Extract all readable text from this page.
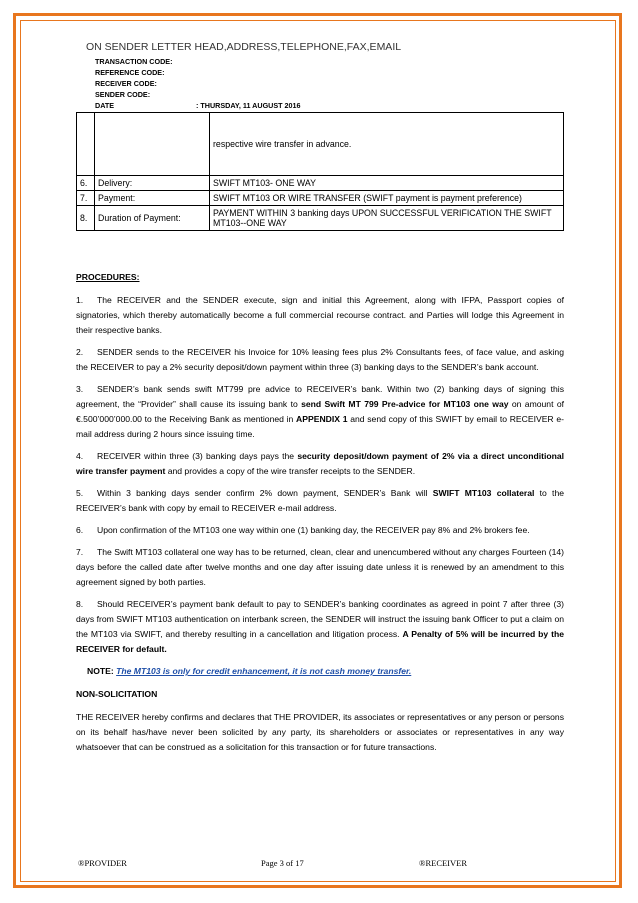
ON SENDER LETTER HEAD,ADDRESS,TELEPHONE,FAX,EMAIL
TRANSACTION CODE:
REFERENCE CODE:
RECEIVER CODE:
SENDER CODE:
DATE	: THURSDAY, 11 AUGUST 2016
		respective wire transfer in advance.
6.	Delivery:	SWIFT MT103- ONE WAY
7.	Payment:	SWIFT MT103 OR WIRE TRANSFER (SWIFT payment is payment preference)
8.	Duration of Payment:	PAYMENT WITHIN 3 banking days UPON SUCCESSFUL VERIFICATION THE SWIFT MT103--ONE WAY
PROCEDURES:

1. The RECEIVER and the SENDER execute, sign and initial this Agreement, along with IFPA, Passport copies of signatories, which thereby automatically become a full commercial recourse contract. and Parties will lodge this Agreement in their respective banks.

2. SENDER sends to the RECEIVER his Invoice for 10% leasing fees plus 2% Consultants fees, of face value, and asking the RECEIVER to pay a 2% security deposit/down payment within three (3) banking days to the SENDER’s bank account.

3. SENDER’s bank sends swift MT799 pre advice to RECEIVER’s bank. Within two (2) banking days of signing this agreement, the “Provider” shall cause its issuing bank to send Swift MT 799 Pre-advice for MT103 one way on amount of €.500’000’000.00 to the Receiving Bank as mentioned in APPENDIX 1 and send copy of this SWIFT by email to RECEIVER e-mail address during 2 hours since issuing time.

4. RECEIVER within three (3) banking days pays the security deposit/down payment of 2% via a direct unconditional wire transfer payment and provides a copy of the wire transfer receipts to the SENDER.

5. Within 3 banking days sender confirm 2% down payment, SENDER’s Bank will SWIFT MT103 collateral to the RECEIVER’s bank with copy by email to RECEIVER e-mail address.

6. Upon confirmation of the MT103 one way within one (1) banking day, the RECEIVER pay 8% and 2% brokers fee.

7. The Swift MT103 collateral one way has to be returned, clean, clear and unencumbered without any charges Fourteen (14) days before the called date after twelve months and one day after issuing date unless it is renewed by an amendment to this agreement signed by both parties.

8. Should RECEIVER’s payment bank default to pay to SENDER’s banking coordinates as agreed in point 7 after three (3) days from SWIFT MT103 authentication on interbank screen, the SENDER will instruct the issuing bank Officer to put a claim on the MT103 via SWIFT, and thereby resulting in a cancellation and litigation process. A Penalty of 5% will be incurred by the RECEIVER for default.

NOTE: The MT103 is only for credit enhancement, it is not cash money transfer.
NON-SOLICITATION

THE RECEIVER hereby confirms and declares that THE PROVIDER, its associates or representatives or any person or persons on its behalf has/have never been solicited by any party, its shareholders or associates or representatives in any way whatsoever that can be construed as a solicitation for this transaction or for future transactions.

®PROVIDER	Page 3 of 17	®RECEIVER
